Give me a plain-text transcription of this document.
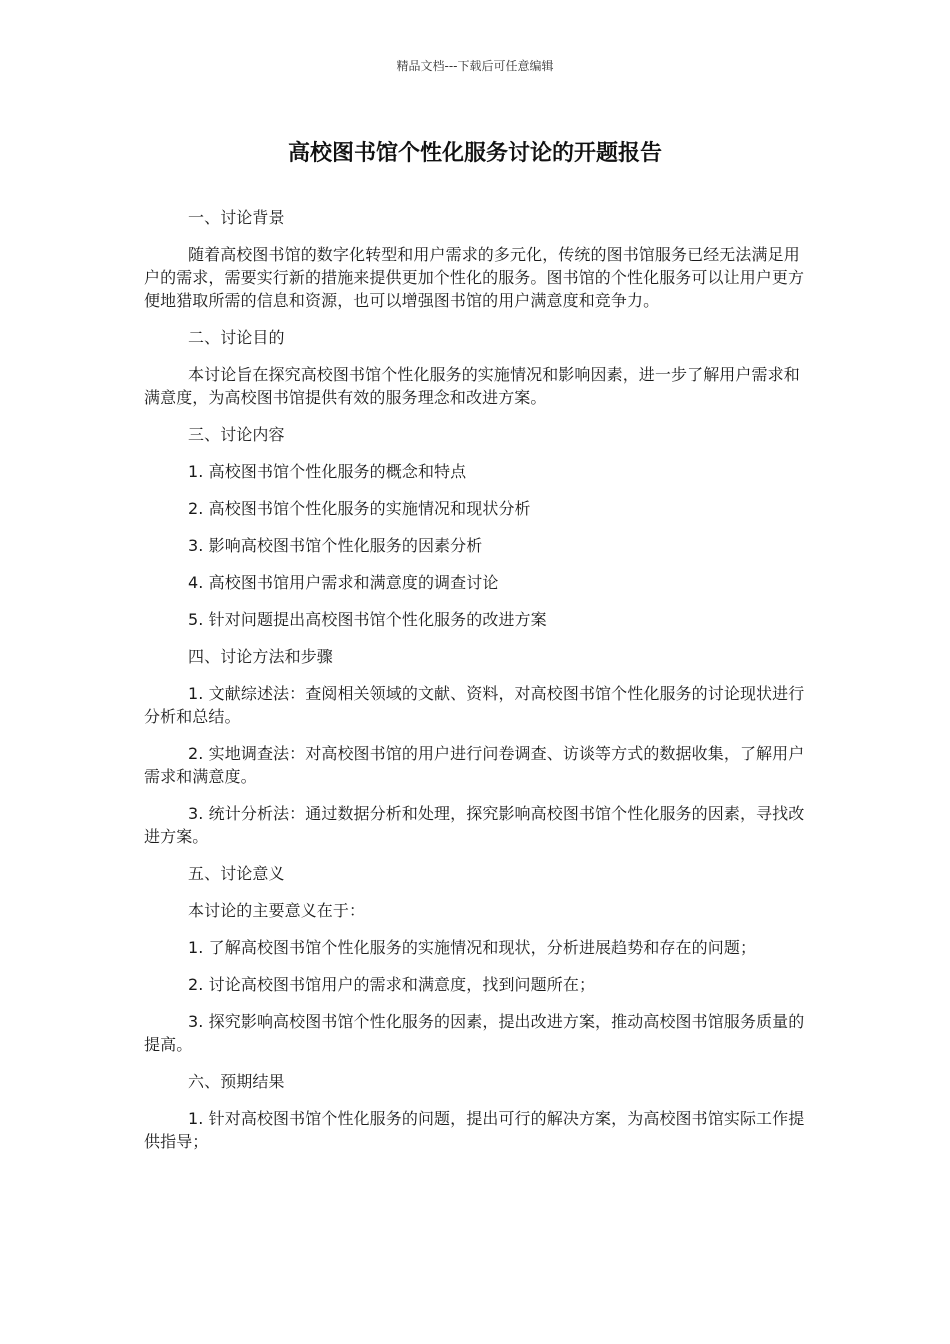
精品文档---下载后可任意编辑
高校图书馆个性化服务讨论的开题报告

一、讨论背景

随着高校图书馆的数字化转型和用户需求的多元化，传统的图书馆服务已经无法满足用户的需求，需要实行新的措施来提供更加个性化的服务。图书馆的个性化服务可以让用户更方便地猎取所需的信息和资源，也可以增强图书馆的用户满意度和竞争力。

二、讨论目的

本讨论旨在探究高校图书馆个性化服务的实施情况和影响因素，进一步了解用户需求和满意度，为高校图书馆提供有效的服务理念和改进方案。

三、讨论内容

1. 高校图书馆个性化服务的概念和特点

2. 高校图书馆个性化服务的实施情况和现状分析

3. 影响高校图书馆个性化服务的因素分析

4. 高校图书馆用户需求和满意度的调查讨论

5. 针对问题提出高校图书馆个性化服务的改进方案

四、讨论方法和步骤

1. 文献综述法：查阅相关领域的文献、资料，对高校图书馆个性化服务的讨论现状进行分析和总结。

2. 实地调查法：对高校图书馆的用户进行问卷调查、访谈等方式的数据收集，了解用户需求和满意度。

3. 统计分析法：通过数据分析和处理，探究影响高校图书馆个性化服务的因素，寻找改进方案。

五、讨论意义

本讨论的主要意义在于：

1. 了解高校图书馆个性化服务的实施情况和现状，分析进展趋势和存在的问题；

2. 讨论高校图书馆用户的需求和满意度，找到问题所在；

3. 探究影响高校图书馆个性化服务的因素，提出改进方案，推动高校图书馆服务质量的提高。

六、预期结果

1. 针对高校图书馆个性化服务的问题，提出可行的解决方案，为高校图书馆实际工作提供指导；
